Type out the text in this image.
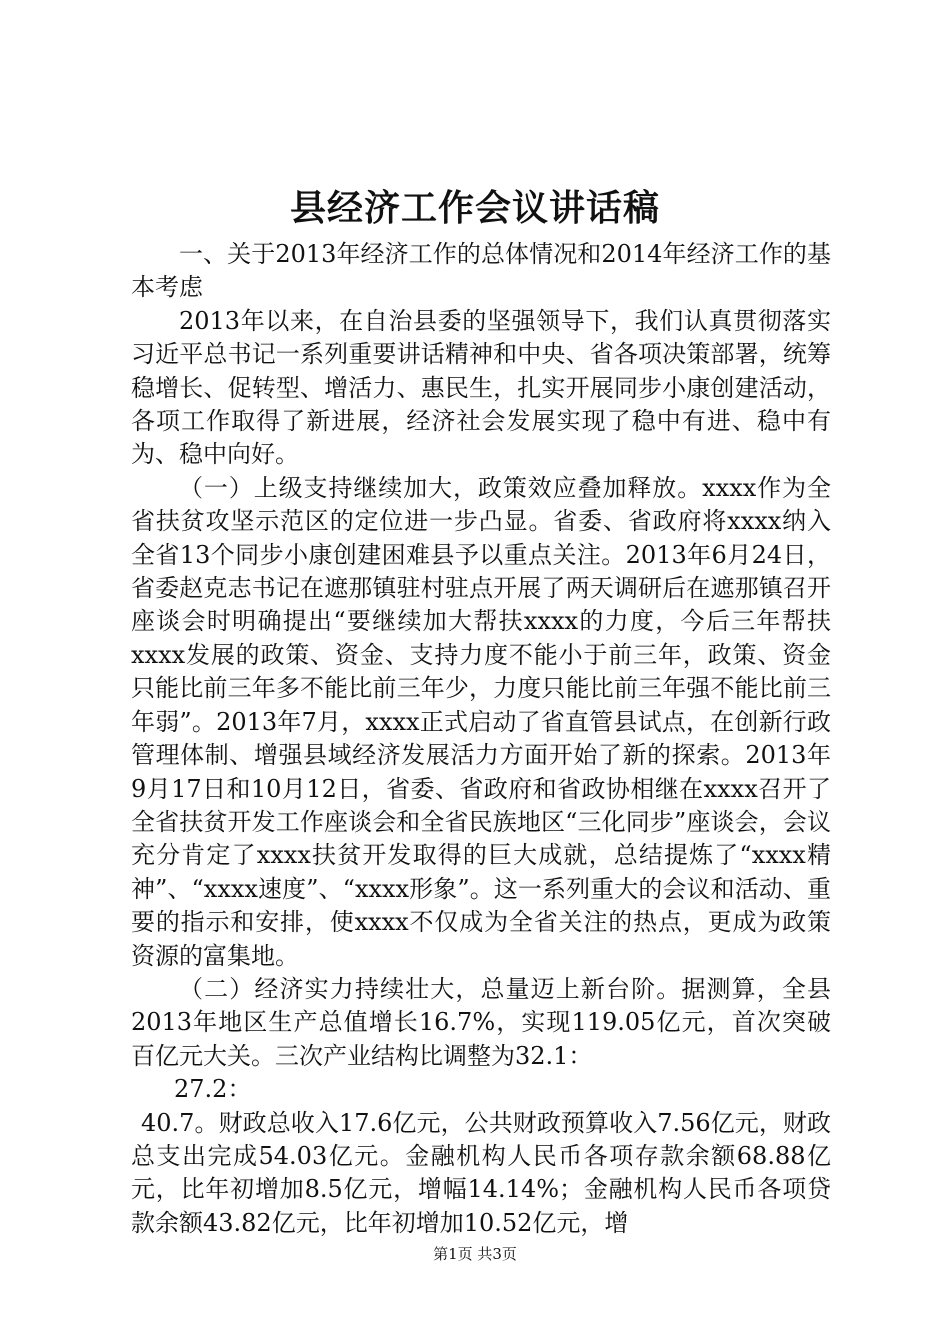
县经济工作会议讲话稿

一、关于2013年经济工作的总体情况和2014年经济工作的基本考虑

2013年以来，在自治县委的坚强领导下，我们认真贯彻落实习近平总书记一系列重要讲话精神和中央、省各项决策部署，统筹稳增长、促转型、增活力、惠民生，扎实开展同步小康创建活动，各项工作取得了新进展，经济社会发展实现了稳中有进、稳中有为、稳中向好。

（一）上级支持继续加大，政策效应叠加释放。xxxx作为全省扶贫攻坚示范区的定位进一步凸显。省委、省政府将xxxx纳入全省13个同步小康创建困难县予以重点关注。2013年6月24日，省委赵克志书记在遮那镇驻村驻点开展了两天调研后在遮那镇召开座谈会时明确提出“要继续加大帮扶xxxx的力度，今后三年帮扶xxxx发展的政策、资金、支持力度不能小于前三年，政策、资金只能比前三年多不能比前三年少，力度只能比前三年强不能比前三年弱”。2013年7月，xxxx正式启动了省直管县试点，在创新行政管理体制、增强县域经济发展活力方面开始了新的探索。2013年9月17日和10月12日，省委、省政府和省政协相继在xxxx召开了全省扶贫开发工作座谈会和全省民族地区“三化同步”座谈会，会议充分肯定了xxxx扶贫开发取得的巨大成就，总结提炼了“xxxx精神”、“xxxx速度”、“xxxx形象”。这一系列重大的会议和活动、重要的指示和安排，使xxxx不仅成为全省关注的热点，更成为政策资源的富集地。

（二）经济实力持续壮大，总量迈上新台阶。据测算，全县2013年地区生产总值增长16.7%，实现119.05亿元，首次突破百亿元大关。三次产业结构比调整为32.1：

27.2：

40.7。财政总收入17.6亿元，公共财政预算收入7.56亿元，财政总支出完成54.03亿元。金融机构人民币各项存款余额68.88亿元，比年初增加8.5亿元，增幅14.14%；金融机构人民币各项贷款余额43.82亿元，比年初增加10.52亿元，增

第1页 共3页
